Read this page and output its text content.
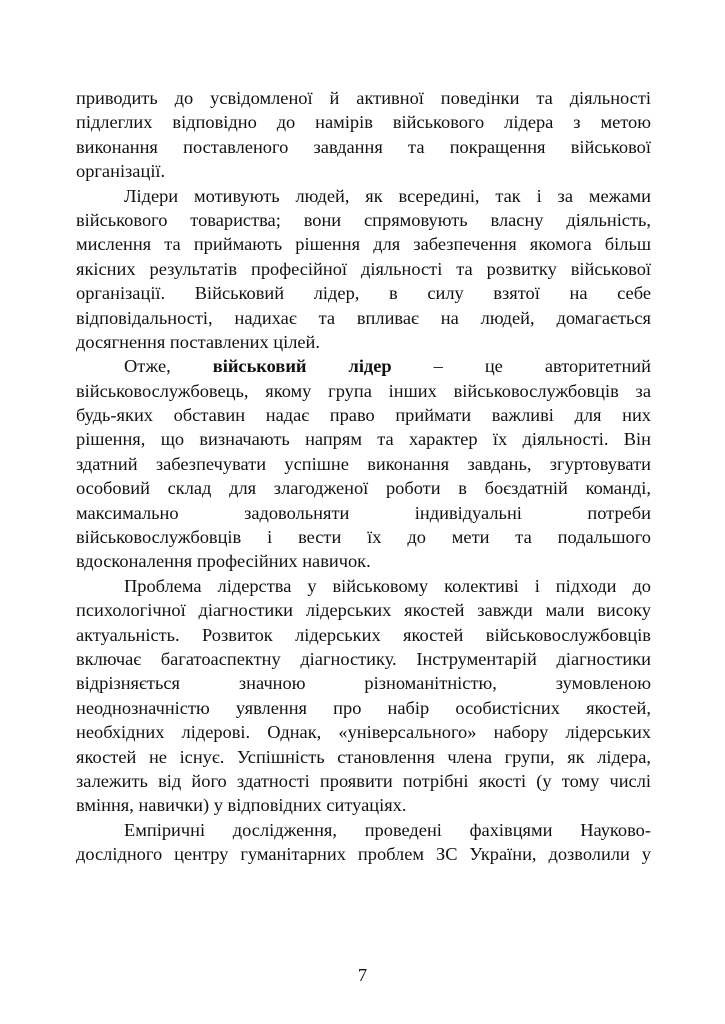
приводить до усвідомленої й активної поведінки та діяльності
підлеглих відповідно до намірів військового лідера з метою
виконання поставленого завдання та покращення військової
організації.
Лідери мотивують людей, як всередині, так і за межами
військового товариства; вони спрямовують власну діяльність,
мислення та приймають рішення для забезпечення якомога більш
якісних результатів професійної діяльності та розвитку військової
організації. Військовий лідер, в силу взятої на себе
відповідальності, надихає та впливає на людей, домагається
досягнення поставлених цілей.
Отже, військовий лідер – це авторитетний
військовослужбовець, якому група інших військовослужбовців за
будь-яких обставин надає право приймати важливі для них
рішення, що визначають напрям та характер їх діяльності. Він
здатний забезпечувати успішне виконання завдань, згуртовувати
особовий склад для злагодженої роботи в боєздатній команді,
максимально задовольняти індивідуальні потреби
військовослужбовців і вести їх до мети та подальшого
вдосконалення професійних навичок.
Проблема лідерства у військовому колективі і підходи до
психологічної діагностики лідерських якостей завжди мали високу
актуальність. Розвиток лідерських якостей військовослужбовців
включає багатоаспектну діагностику. Інструментарій діагностики
відрізняється значною різноманітністю, зумовленою
неоднозначністю уявлення про набір особистісних якостей,
необхідних лідерові. Однак, «універсального» набору лідерських
якостей не існує. Успішність становлення члена групи, як лідера,
залежить від його здатності проявити потрібні якості (у тому числі
вміння, навички) у відповідних ситуаціях.
Емпіричні дослідження, проведені фахівцями Науково-
дослідного центру гуманітарних проблем ЗС України, дозволили у
7
